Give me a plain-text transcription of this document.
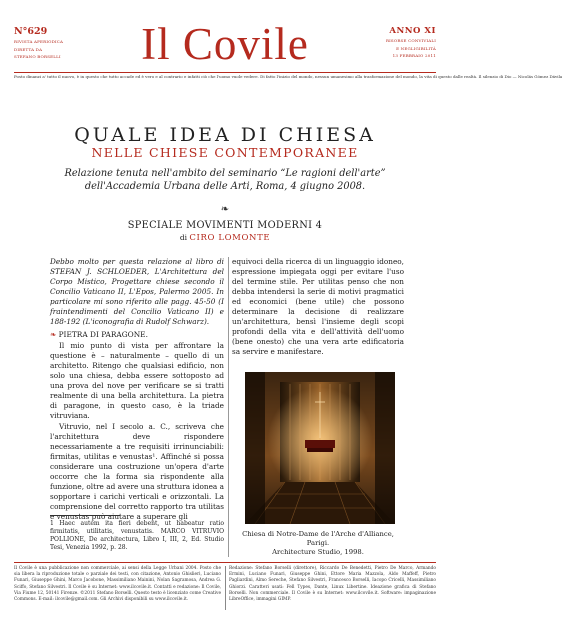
N°629
RIVISTA APERIODICA
DIRETTA DA
STEFANO BORSELLI	Il Covile	ANNO XI
RISORSE CONVIVIALI
E NEGLIGIBILITÀ
13 FEBBRAIO 2011
Posto dinanzi a' tutto il nuovo, è in questo che tutto accade ed è vero e al contrario e infatti ciò che l'uomo vuole vedere. Di fatto l'inizio del mondo, nessun umanesimo alla trasformazione del mondo, la vita di questo dalle realtà. Il silenzio di Dio — Nicolás Gómez Dávila
QUALE IDEA DI CHIESA
NELLE CHIESE CONTEMPORANEE
Relazione tenuta nell'ambito del seminario “Le ragioni dell'arte”
dell'Accademia Urbana delle Arti, Roma, 4 giugno 2008.
❧
SPECIALE MOVIMENTI MODERNI 4
di CIRO LOMONTE

Debbo molto per questa relazione al libro di STEFAN J. SCHLOEDER, L'Architettura del Corpo Mistico, Progettare chiese secondo il Concilio Vaticano II, L'Epos, Palermo 2005. In particolare mi sono riferito alle pagg. 45-50 (I fraintendimenti del Concilio Vaticano II) e 188-192 (L'iconografia di Rudolf Schwarz).

❧ PIETRA DI PARAGONE.

Il mio punto di vista per affrontare la questione è – naturalmente – quello di un architetto. Ritengo che qualsiasi edificio, non solo una chiesa, debba essere sottoposto ad una prova del nove per verificare se si tratti realmente di una bella architettura. La pietra di paragone, in questo caso, è la triade vitruviana.

Vitruvio, nel I secolo a. C., scriveva che l'architettura deve rispondere necessariamente a tre requisiti irrinunciabili: firmitas, utilitas e venustas¹. Affinché si possa considerare una costruzione un'opera d'arte occorre che la forma sia rispondente alla funzione, oltre ad avere una struttura idonea a sopportare i carichi verticali e orizzontali. La comprensione del corretto rapporto tra utilitas e venustas può aiutare a superare gli

equivoci della ricerca di un linguaggio idoneo, espressione impiegata oggi per evitare l'uso del termine stile. Per utilitas penso che non debba intendersi la serie di motivi pragmatici ed economici (bene utile) che possono determinare la decisione di realizzare un'architettura, bensì l'insieme degli scopi profondi della vita e dell'attività dell'uomo (bene onesto) che una vera arte edificatoria sa servire e manifestare.

Chiesa di Notre-Dame de l'Arche d'Alliance, Parigi.
Architecture Studio, 1998.
1 Haec autem ita fieri debent, ut habeatur ratio firmitatis, utilitatis, venustatis. MARCO VITRUVIO POLLIONE, De architectura, Libro I, III, 2, Ed. Studio Tesi, Venezia 1992, p. 28.
Il Covile è una pubblicazione non commerciale, ai sensi della Legge Urbani 2004. Posto che sia libera la riproduzione totale o parziale dei testi, con citazione, Antonio Ghislieri, Luciano Funari, Giuseppe Ghini, Marco Jacobone, Massimiliano Mainini, Nolan Sagramosa, Andrea G. Sciffo, Stefano Silvestri. Il Covile è su Internet: www.ilcovile.it. Contatti e redazione: Il Covile, Via Fiume 12, 50141 Firenze. ©2011 Stefano Borselli. Questo testo è licenziato come Creative Commons. E-mail: ilcovile@gmail.com. Gli Archivi disponibili su www.ilcovile.it.
Redazione: Stefano Borselli (direttore), Riccardo De Benedetti, Pietro De Marco, Armando Ermini, Luciano Funari, Giuseppe Ghini, Ettore Maria Mazzola, Aldo Maffeff, Pietro Pagliardini, Almo Sereche, Stefano Silvestri, Francesco Borselli, Iacopo Cricelli, Massimiliano Ghiorzi. Caratteri usati: Fell Types, Dante, Linux Libertine. Ideazione grafica di Stefano Borselli. Non commerciale. Il Covile è su Internet: www.ilcovile.it. Software: impaginazione LibreOffice, immagini GIMP.
